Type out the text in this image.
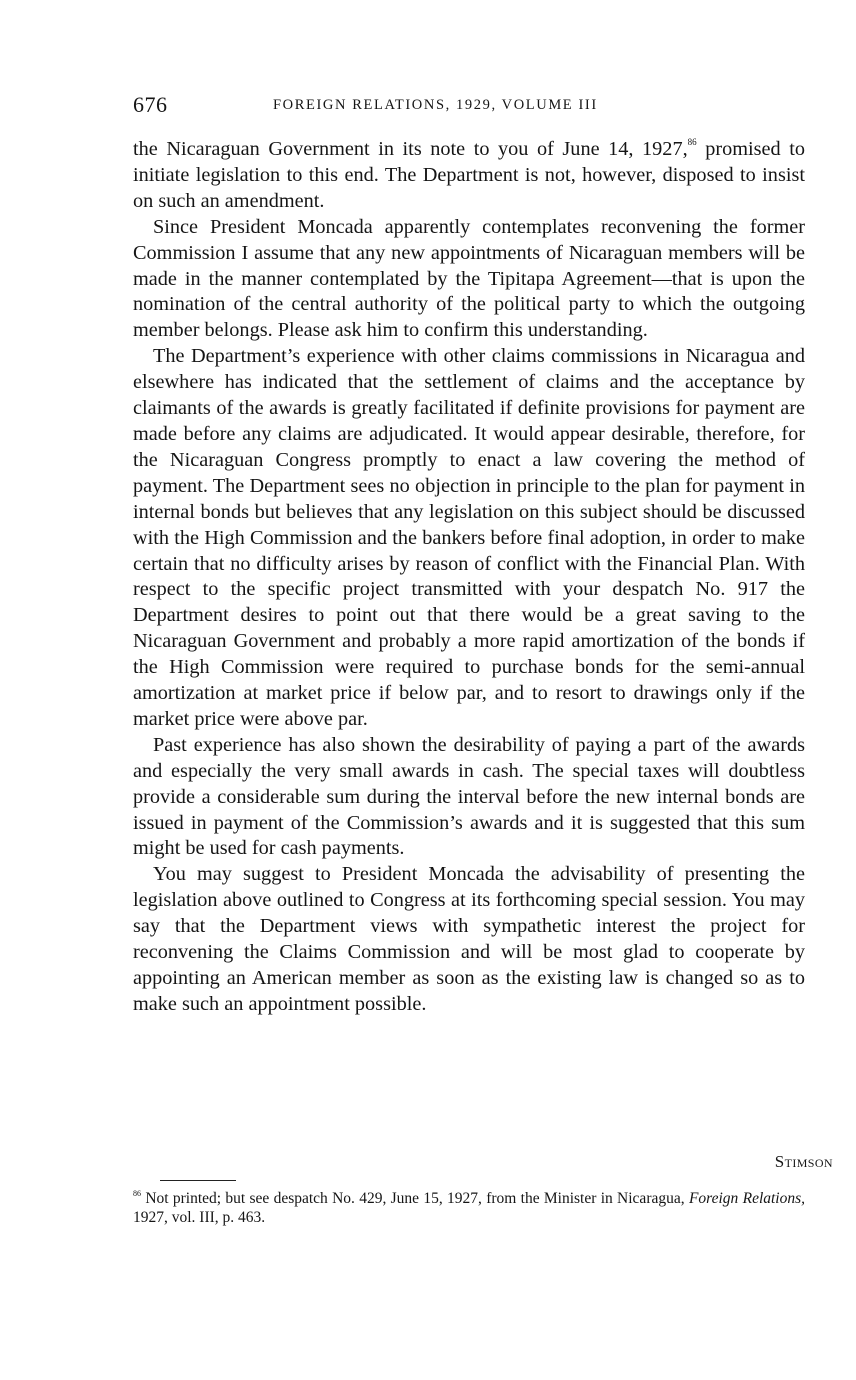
676	FOREIGN RELATIONS, 1929, VOLUME III

the Nicaraguan Government in its note to you of June 14, 1927,86 promised to initiate legislation to this end. The Department is not, however, disposed to insist on such an amendment.

Since President Moncada apparently contemplates reconvening the former Commission I assume that any new appointments of Nicaraguan members will be made in the manner contemplated by the Tipitapa Agreement—that is upon the nomination of the central authority of the political party to which the outgoing member belongs. Please ask him to confirm this understanding.

The Department’s experience with other claims commissions in Nicaragua and elsewhere has indicated that the settlement of claims and the acceptance by claimants of the awards is greatly facilitated if definite provisions for payment are made before any claims are adjudicated. It would appear desirable, therefore, for the Nicaraguan Congress promptly to enact a law covering the method of payment. The Department sees no objection in principle to the plan for payment in internal bonds but believes that any legislation on this subject should be discussed with the High Commission and the bankers before final adoption, in order to make certain that no difficulty arises by reason of conflict with the Financial Plan. With respect to the specific project transmitted with your despatch No. 917 the Department desires to point out that there would be a great saving to the Nicaraguan Government and probably a more rapid amortization of the bonds if the High Commission were required to purchase bonds for the semi-annual amortization at market price if below par, and to resort to drawings only if the market price were above par.

Past experience has also shown the desirability of paying a part of the awards and especially the very small awards in cash. The special taxes will doubtless provide a considerable sum during the interval before the new internal bonds are issued in payment of the Commission’s awards and it is suggested that this sum might be used for cash payments.

You may suggest to President Moncada the advisability of presenting the legislation above outlined to Congress at its forthcoming special session. You may say that the Department views with sympathetic interest the project for reconvening the Claims Commission and will be most glad to cooperate by appointing an American member as soon as the existing law is changed so as to make such an appointment possible.

Stimson
$^{86}$ Not printed; but see despatch No. 429, June 15, 1927, from the Minister in Nicaragua, Foreign Relations, 1927, vol. III, p. 463.
